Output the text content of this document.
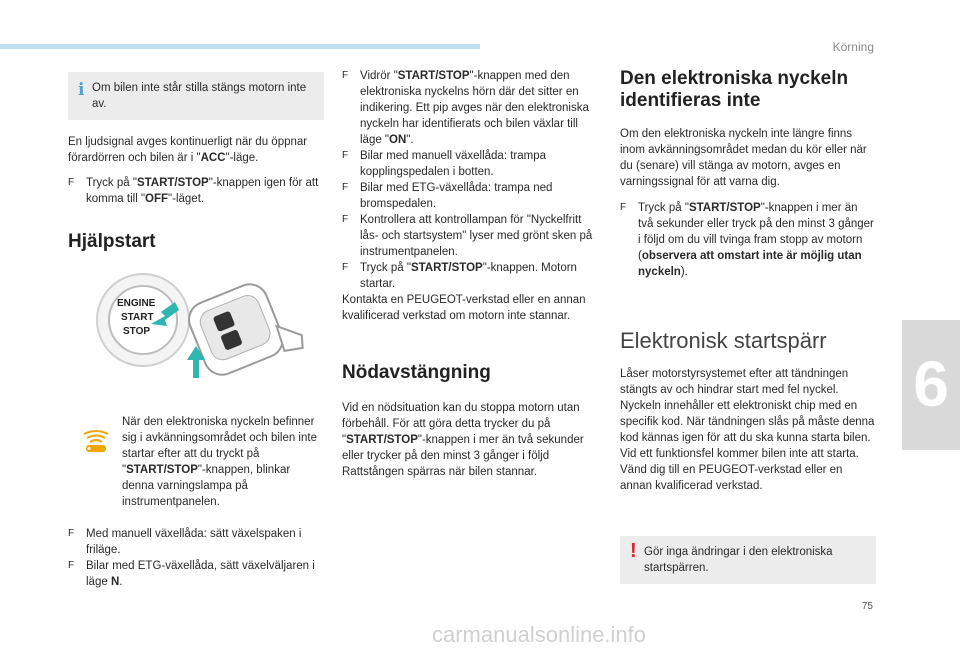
Körning
6
i Om bilen inte står stilla stängs motorn inte av.

En ljudsignal avges kontinuerligt när du öppnar förardörren och bilen är i "ACC"-läge.

F Tryck på "START/STOP"-knappen igen för att komma till "OFF"-läget.
Hjälpstart
ENGINE
START
STOP

När den elektroniska nyckeln befinner sig i avkänningsområdet och bilen inte startar efter att du tryckt på "START/STOP"-knappen, blinkar denna varningslampa på instrumentpanelen.

F Med manuell växellåda: sätt växelspaken i friläge.
F Bilar med ETG-växellåda, sätt växelväljaren i läge N.
F Vidrör "START/STOP"-knappen med den elektroniska nyckelns hörn där det sitter en indikering. Ett pip avges när den elektroniska nyckeln har identifierats och bilen växlar till läge "ON".
F Bilar med manuell växellåda: trampa kopplingspedalen i botten.
F Bilar med ETG-växellåda: trampa ned bromspedalen.
F Kontrollera att kontrollampan för "Nyckelfritt lås- och startsystem" lyser med grönt sken på instrumentpanelen.
F Tryck på "START/STOP"-knappen. Motorn startar.

Kontakta en PEUGEOT-verkstad eller en annan kvalificerad verkstad om motorn inte stannar.

Nödavstängning

Vid en nödsituation kan du stoppa motorn utan förbehåll. För att göra detta trycker du på "START/STOP"-knappen i mer än två sekunder eller trycker på den minst 3 gånger i följd Rattstången spärras när bilen stannar.

Den elektroniska nyckeln identifieras inte

Om den elektroniska nyckeln inte längre finns inom avkänningsområdet medan du kör eller när du (senare) vill stänga av motorn, avges en varningssignal för att varna dig.

F Tryck på "START/STOP"-knappen i mer än två sekunder eller tryck på den minst 3 gånger i följd om du vill tvinga fram stopp av motorn (observera att omstart inte är möjlig utan nyckeln).
Elektronisk startspärr

Låser motorstyrsystemet efter att tändningen stängts av och hindrar start med fel nyckel. Nyckeln innehåller ett elektroniskt chip med en specifik kod. När tändningen slås på måste denna kod kännas igen för att du ska kunna starta bilen.

Vid ett funktionsfel kommer bilen inte att starta. Vänd dig till en PEUGEOT-verkstad eller en annan kvalificerad verkstad.

! Gör inga ändringar i den elektroniska startspärren.

75
carmanualsonline.info
